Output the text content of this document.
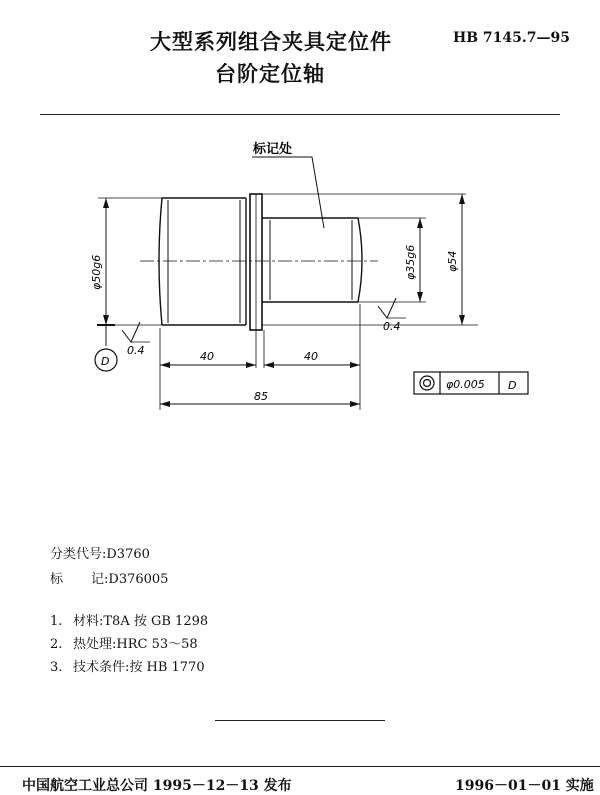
大型系列组合夹具定位件
台阶定位轴
HB 7145.7—95
标记处
φ50g6	φ35g6	φ54
40	40
85
0.4
0.4
D
φ0.005 D
分类代号:D3760
标 记:D376005
1. 材料:T8A 按 GB 1298
2. 热处理:HRC 53～58
3. 技术条件:按 HB 1770
中国航空工业总公司 1995－12－13 发布	1996－01－01 实施
